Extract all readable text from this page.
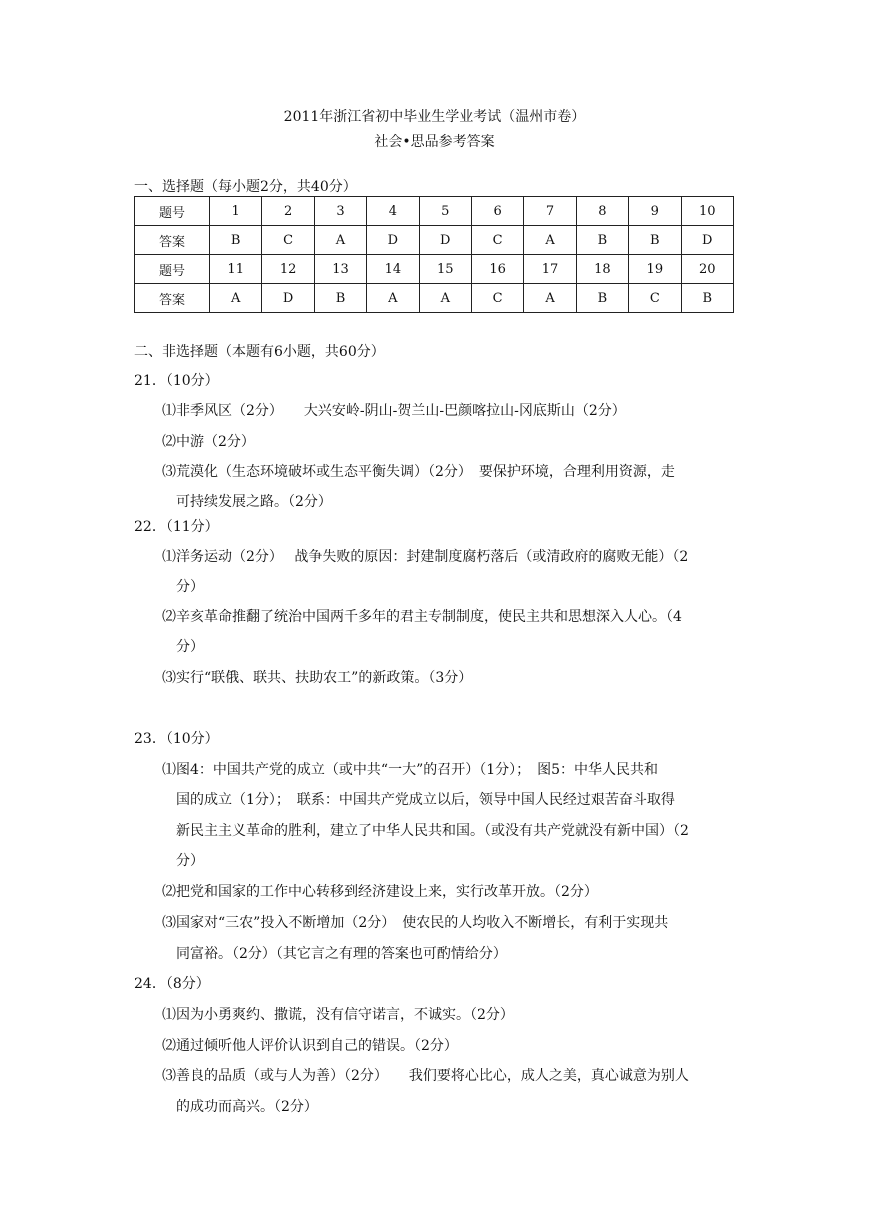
2011年浙江省初中毕业生学业考试（温州市卷）
社会•思品参考答案
一、选择题（每小题2分，共40分）
题号	1	2	3	4	5	6	7	8	9	10
答案	B	C	A	D	D	C	A	B	B	D
题号	11	12	13	14	15	16	17	18	19	20
答案	A	D	B	A	A	C	A	B	C	B
二、非选择题（本题有6小题，共60分）
21．（10分）
⑴非季风区（2分）　　大兴安岭-阴山-贺兰山-巴颜喀拉山-冈底斯山（2分）
⑵中游（2分）
⑶荒漠化（生态环境破坏或生态平衡失调）（2分）　要保护环境，合理利用资源，走
可持续发展之路。（2分）
22．（11分）
⑴洋务运动（2分）　 战争失败的原因：封建制度腐朽落后（或清政府的腐败无能）（2
分）
⑵辛亥革命推翻了统治中国两千多年的君主专制制度，使民主共和思想深入人心。（4
分）
⑶实行“联俄、联共、扶助农工”的新政策。（3分）
23．（10分）
⑴图4：中国共产党的成立（或中共“一大”的召开）（1分）；　图5：中华人民共和
国的成立（1分）；　联系：中国共产党成立以后，领导中国人民经过艰苦奋斗取得
新民主主义革命的胜利，建立了中华人民共和国。（或没有共产党就没有新中国）（2
分）
⑵把党和国家的工作中心转移到经济建设上来，实行改革开放。（2分）
⑶国家对“三农”投入不断增加（2分）　使农民的人均收入不断增长，有利于实现共
同富裕。（2分）（其它言之有理的答案也可酌情给分）
24．（8分）
⑴因为小勇爽约、撒谎，没有信守诺言，不诚实。（2分）
⑵通过倾听他人评价认识到自己的错误。（2分）
⑶善良的品质（或与人为善）（2分）　　我们要将心比心，成人之美，真心诚意为别人
的成功而高兴。（2分）
